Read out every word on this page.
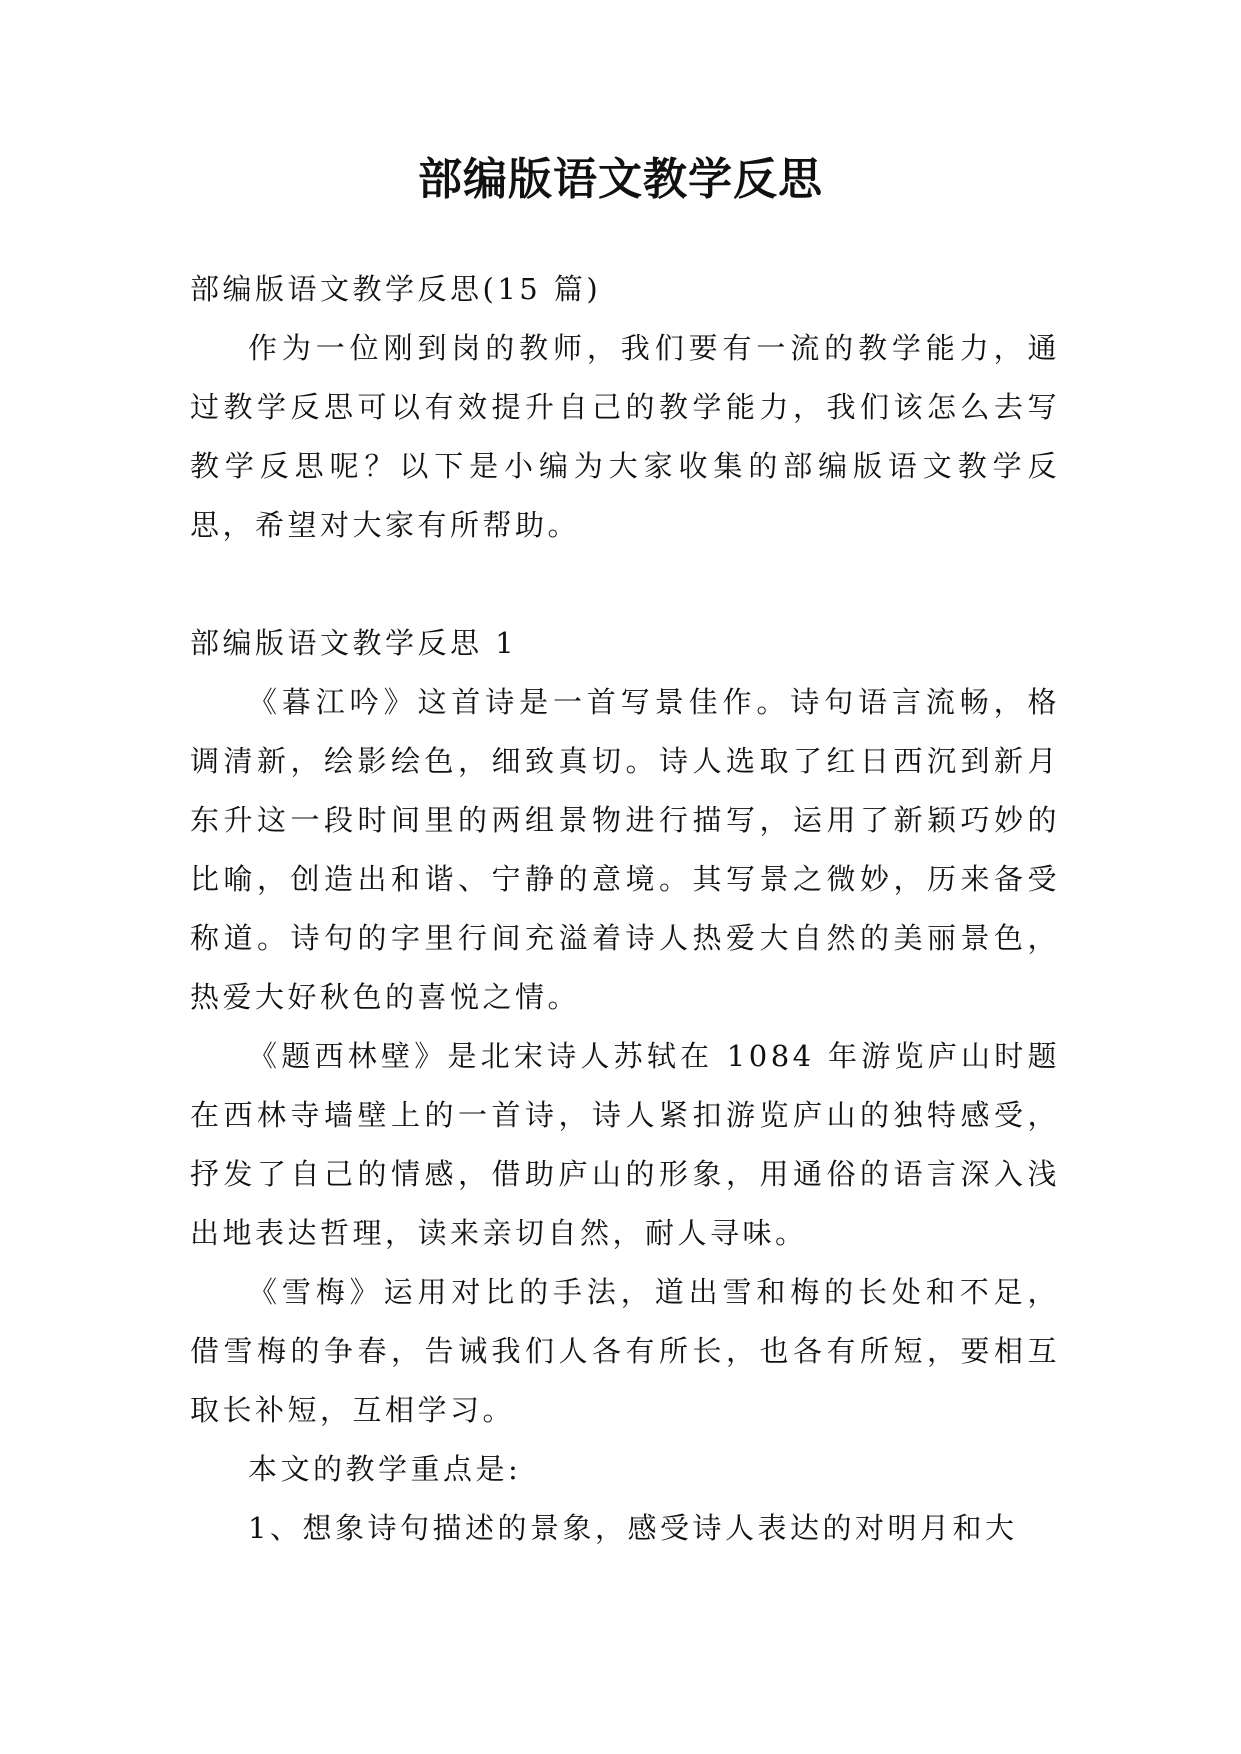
部编版语文教学反思

部编版语文教学反思(15 篇)

作为一位刚到岗的教师，我们要有一流的教学能力，通过教学反思可以有效提升自己的教学能力，我们该怎么去写教学反思呢？以下是小编为大家收集的部编版语文教学反思，希望对大家有所帮助。

部编版语文教学反思 1

《暮江吟》这首诗是一首写景佳作。诗句语言流畅，格调清新，绘影绘色，细致真切。诗人选取了红日西沉到新月东升这一段时间里的两组景物进行描写，运用了新颖巧妙的比喻，创造出和谐、宁静的意境。其写景之微妙，历来备受称道。诗句的字里行间充溢着诗人热爱大自然的美丽景色，热爱大好秋色的喜悦之情。

《题西林壁》是北宋诗人苏轼在 1084 年游览庐山时题在西林寺墙壁上的一首诗，诗人紧扣游览庐山的独特感受，抒发了自己的情感，借助庐山的形象，用通俗的语言深入浅出地表达哲理，读来亲切自然，耐人寻味。

《雪梅》运用对比的手法，道出雪和梅的长处和不足，借雪梅的争春，告诫我们人各有所长，也各有所短，要相互取长补短，互相学习。

本文的教学重点是:

1、想象诗句描述的景象，感受诗人表达的对明月和大
